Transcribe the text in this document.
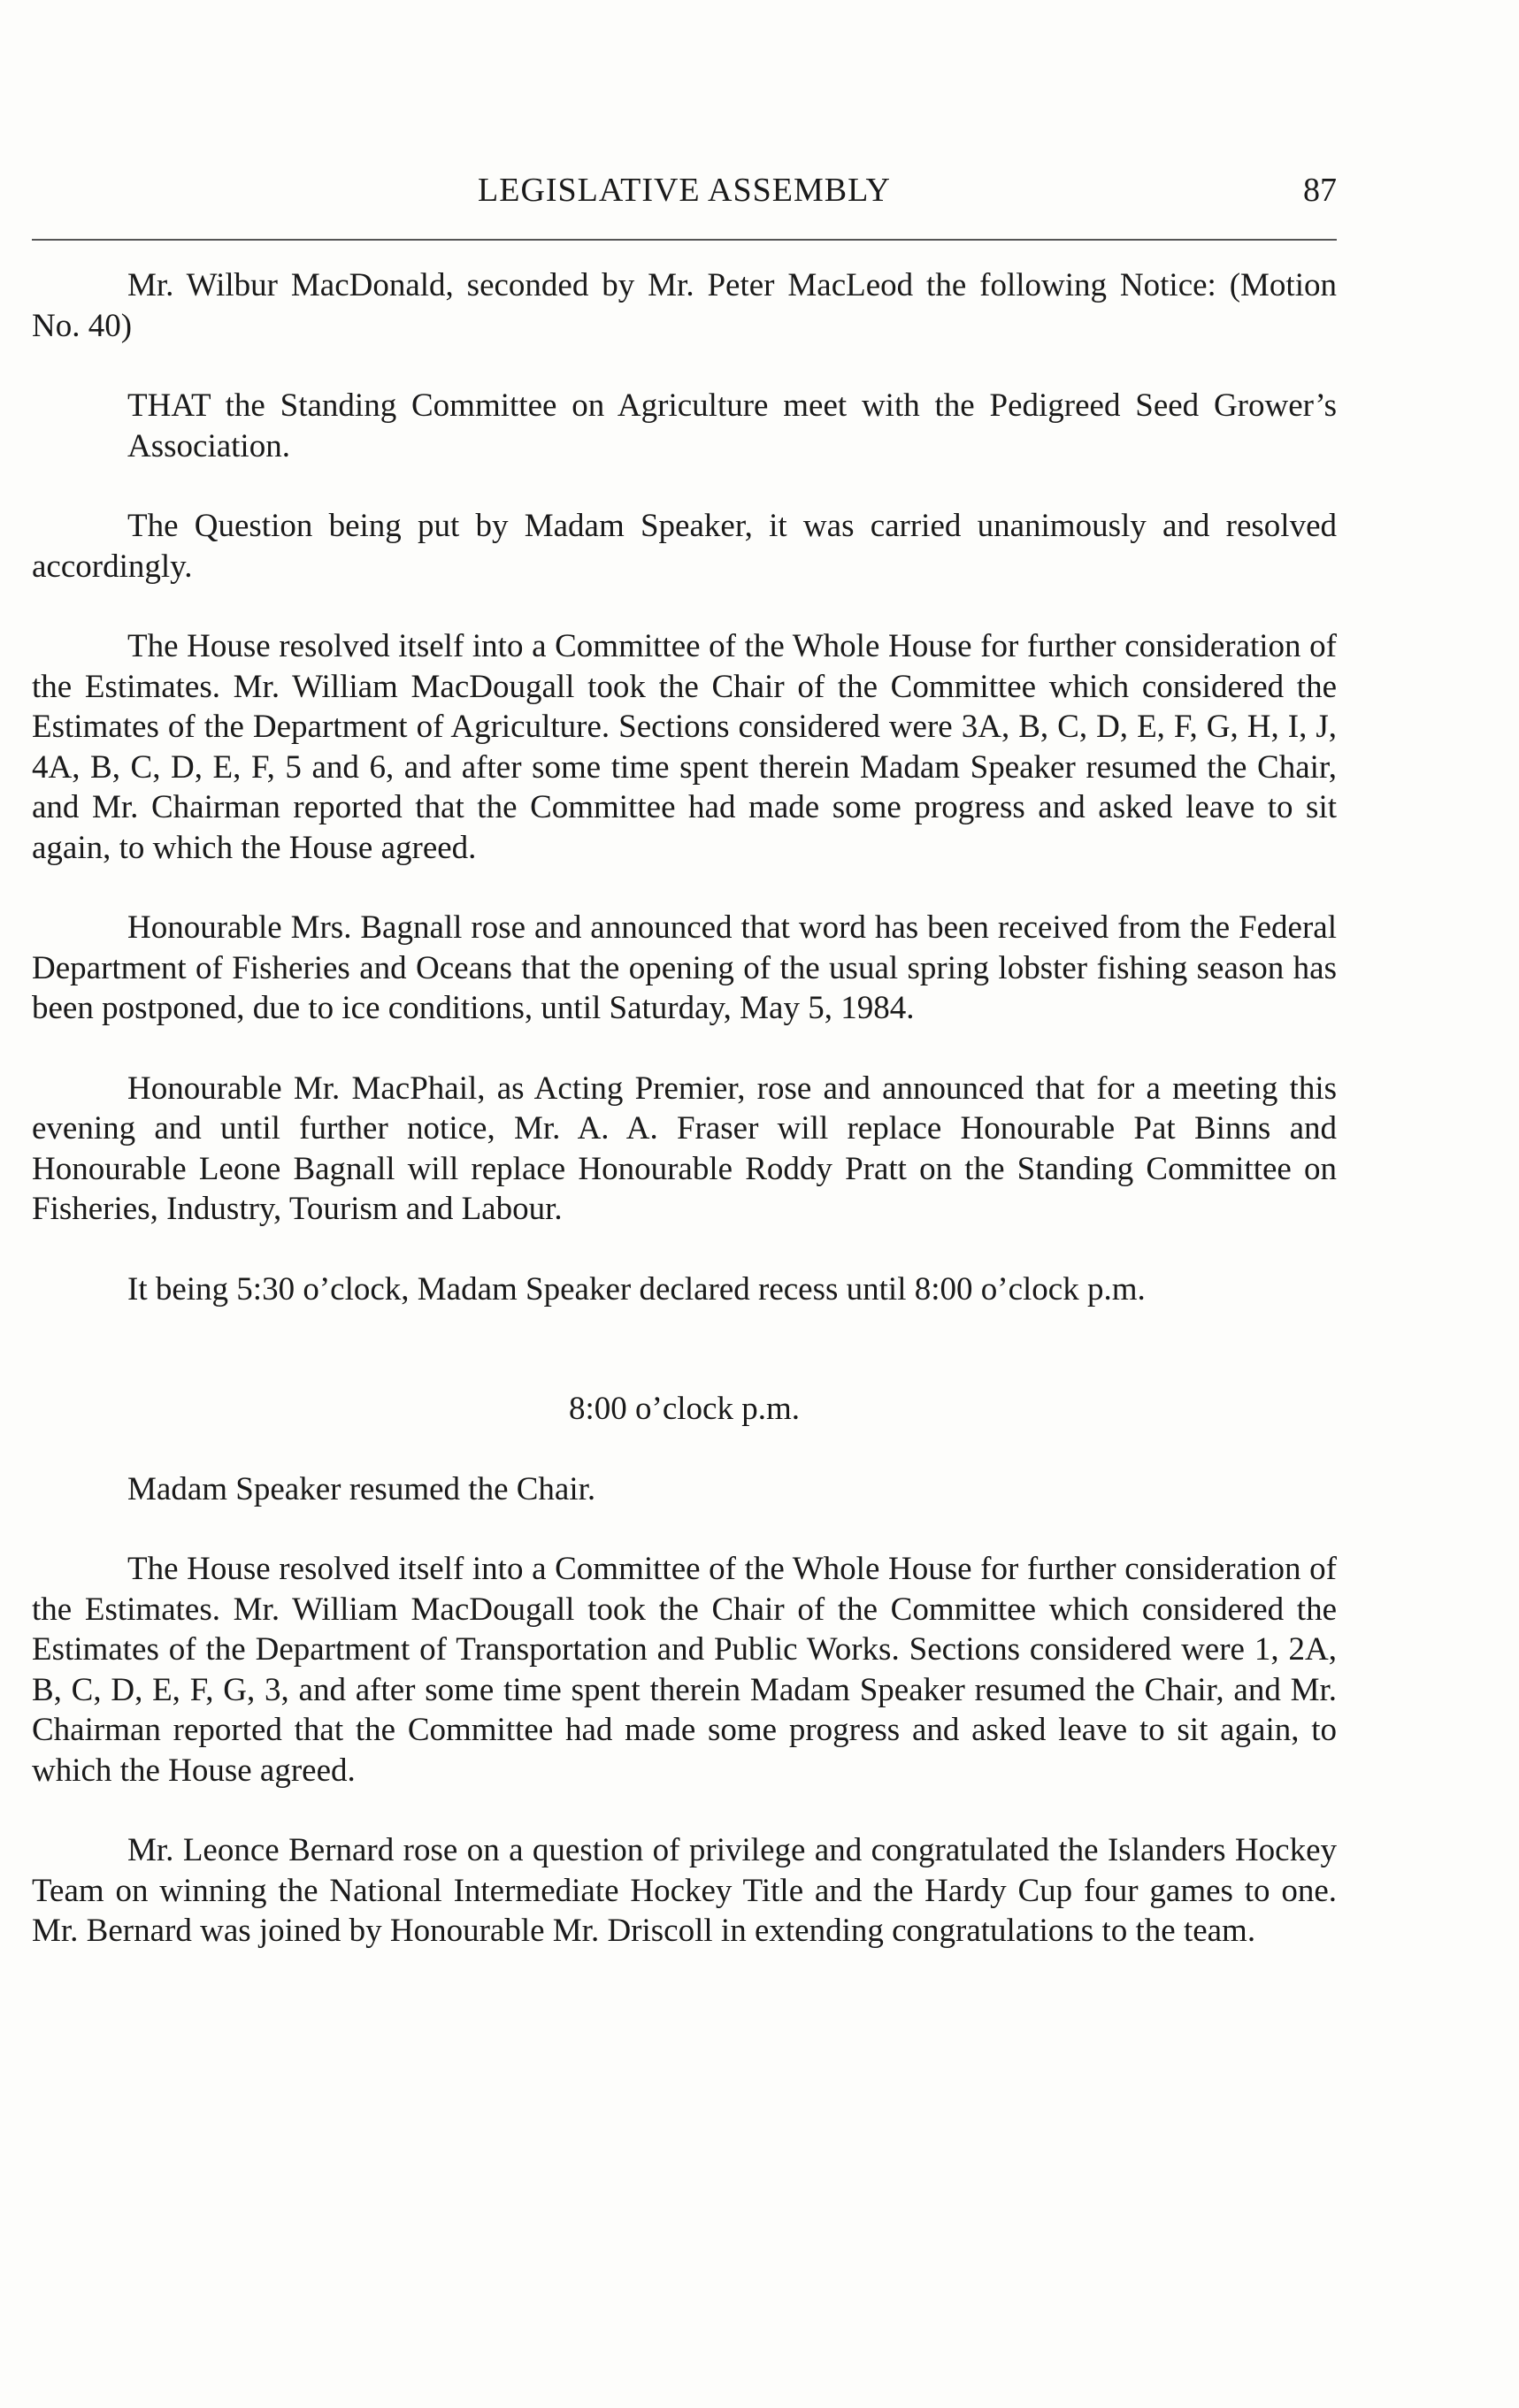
LEGISLATIVE ASSEMBLY	87

Mr. Wilbur MacDonald, seconded by Mr. Peter MacLeod the following Notice: (Motion No. 40)

THAT the Standing Committee on Agriculture meet with the Pedigreed Seed Grower’s Association.

The Question being put by Madam Speaker, it was carried unanimously and resolved accordingly.

The House resolved itself into a Committee of the Whole House for further consideration of the Estimates. Mr. William MacDougall took the Chair of the Committee which considered the Estimates of the Department of Agriculture. Sections considered were 3A, B, C, D, E, F, G, H, I, J, 4A, B, C, D, E, F, 5 and 6, and after some time spent therein Madam Speaker resumed the Chair, and Mr. Chairman reported that the Committee had made some progress and asked leave to sit again, to which the House agreed.

Honourable Mrs. Bagnall rose and announced that word has been received from the Federal Department of Fisheries and Oceans that the opening of the usual spring lobster fishing season has been postponed, due to ice conditions, until Saturday, May 5, 1984.

Honourable Mr. MacPhail, as Acting Premier, rose and announced that for a meeting this evening and until further notice, Mr. A. A. Fraser will replace Honourable Pat Binns and Honourable Leone Bagnall will replace Honourable Roddy Pratt on the Standing Committee on Fisheries, Industry, Tourism and Labour.

It being 5:30 o’clock, Madam Speaker declared recess until 8:00 o’clock p.m.

8:00 o’clock p.m.

Madam Speaker resumed the Chair.

The House resolved itself into a Committee of the Whole House for further consideration of the Estimates. Mr. William MacDougall took the Chair of the Committee which considered the Estimates of the Department of Transportation and Public Works. Sections considered were 1, 2A, B, C, D, E, F, G, 3, and after some time spent therein Madam Speaker resumed the Chair, and Mr. Chairman reported that the Committee had made some progress and asked leave to sit again, to which the House agreed.

Mr. Leonce Bernard rose on a question of privilege and congratulated the Islanders Hockey Team on winning the National Intermediate Hockey Title and the Hardy Cup four games to one. Mr. Bernard was joined by Honourable Mr. Driscoll in extending congratulations to the team.
